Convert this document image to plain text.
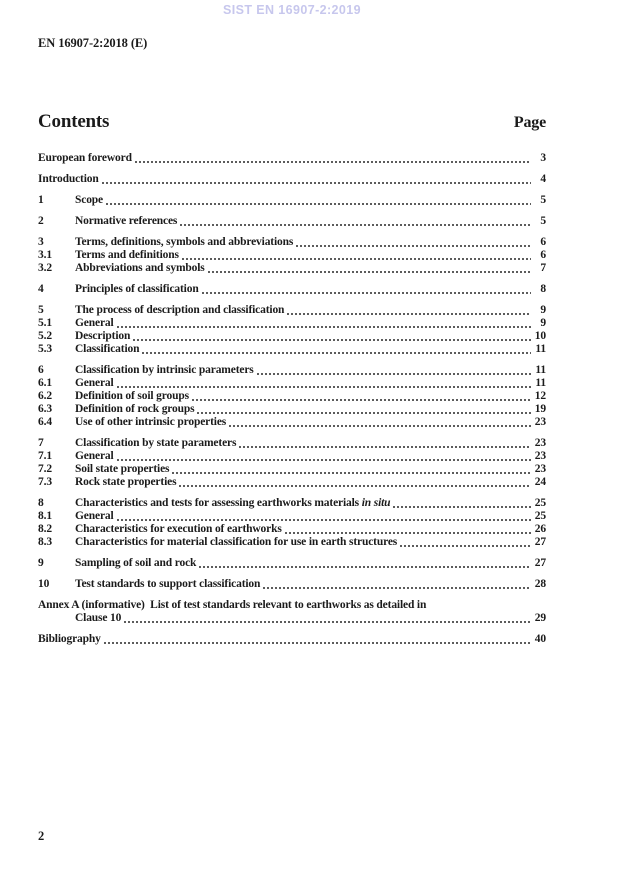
SIST EN 16907-2:2019
EN 16907-2:2018 (E)
Contents	Page
European foreword	3
Introduction	4
1	Scope	5
2	Normative references	5
3	Terms, definitions, symbols and abbreviations	6
3.1	Terms and definitions	6
3.2	Abbreviations and symbols	7
4	Principles of classification	8
5	The process of description and classification	9
5.1	General	9
5.2	Description	10
5.3	Classification	11
6	Classification by intrinsic parameters	11
6.1	General	11
6.2	Definition of soil groups	12
6.3	Definition of rock groups	19
6.4	Use of other intrinsic properties	23
7	Classification by state parameters	23
7.1	General	23
7.2	Soil state properties	23
7.3	Rock state properties	24
8	Characteristics and tests for assessing earthworks materials in situ	25
8.1	General	25
8.2	Characteristics for execution of earthworks	26
8.3	Characteristics for material classification for use in earth structures	27
9	Sampling of soil and rock	27
10	Test standards to support classification	28
Annex A (informative)  List of test standards relevant to earthworks as detailed in
Clause 10	29
Bibliography	40
2
